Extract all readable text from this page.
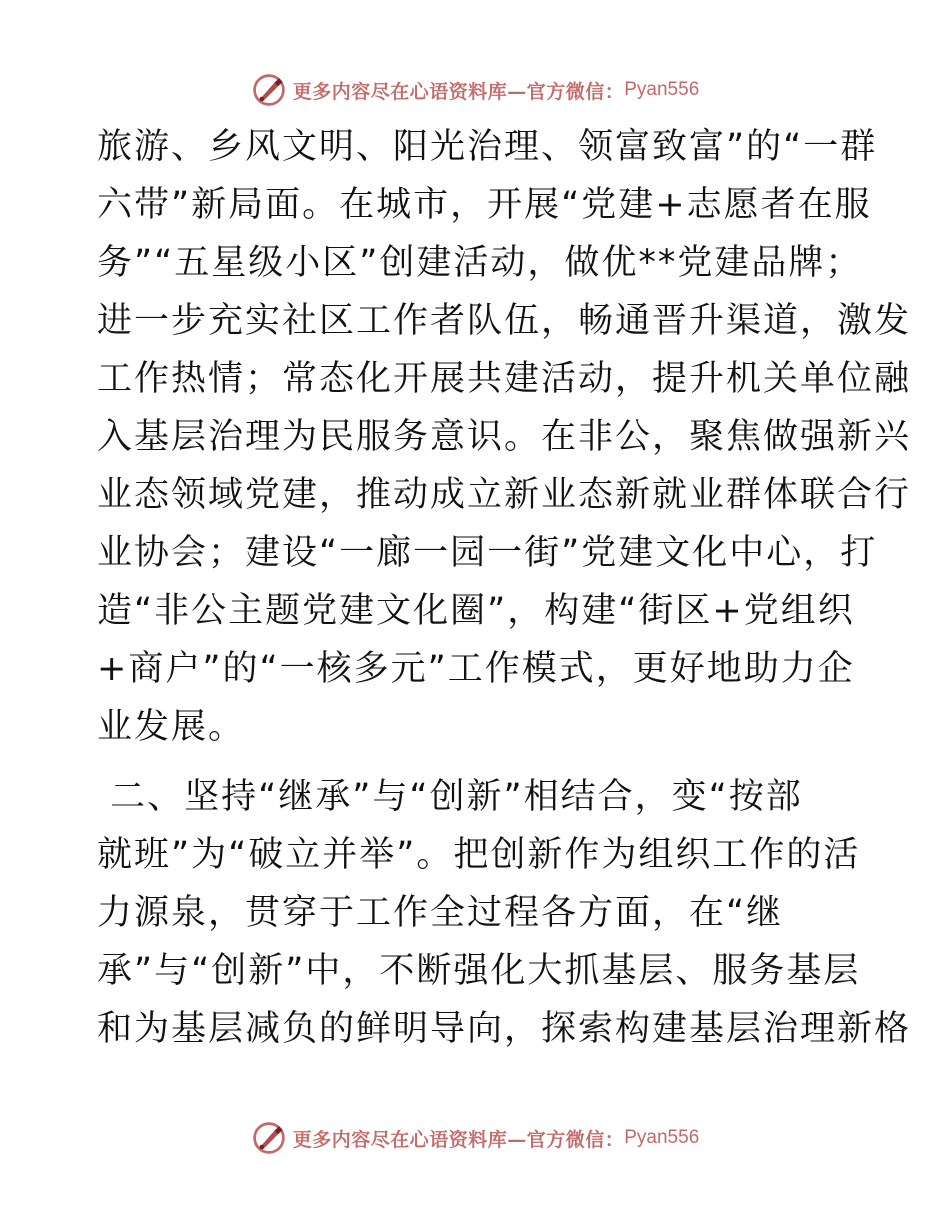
更多内容尽在心语资料库—官方微信： Pyan556
旅游、乡风文明、阳光治理、领富致富”的“一群
六带”新局面。在城市，开展“党建+志愿者在服
务”“五星级小区”创建活动，做优**党建品牌；
进一步充实社区工作者队伍，畅通晋升渠道，激发
工作热情；常态化开展共建活动，提升机关单位融
入基层治理为民服务意识。在非公，聚焦做强新兴
业态领域党建，推动成立新业态新就业群体联合行
业协会；建设“一廊一园一街”党建文化中心，打
造“非公主题党建文化圈”，构建“街区+党组织
+商户”的“一核多元”工作模式，更好地助力企
业发展。
二、坚持“继承”与“创新”相结合，变“按部
就班”为“破立并举”。把创新作为组织工作的活
力源泉，贯穿于工作全过程各方面，在“继
承”与“创新”中，不断强化大抓基层、服务基层
和为基层减负的鲜明导向，探索构建基层治理新格
更多内容尽在心语资料库—官方微信： Pyan556
